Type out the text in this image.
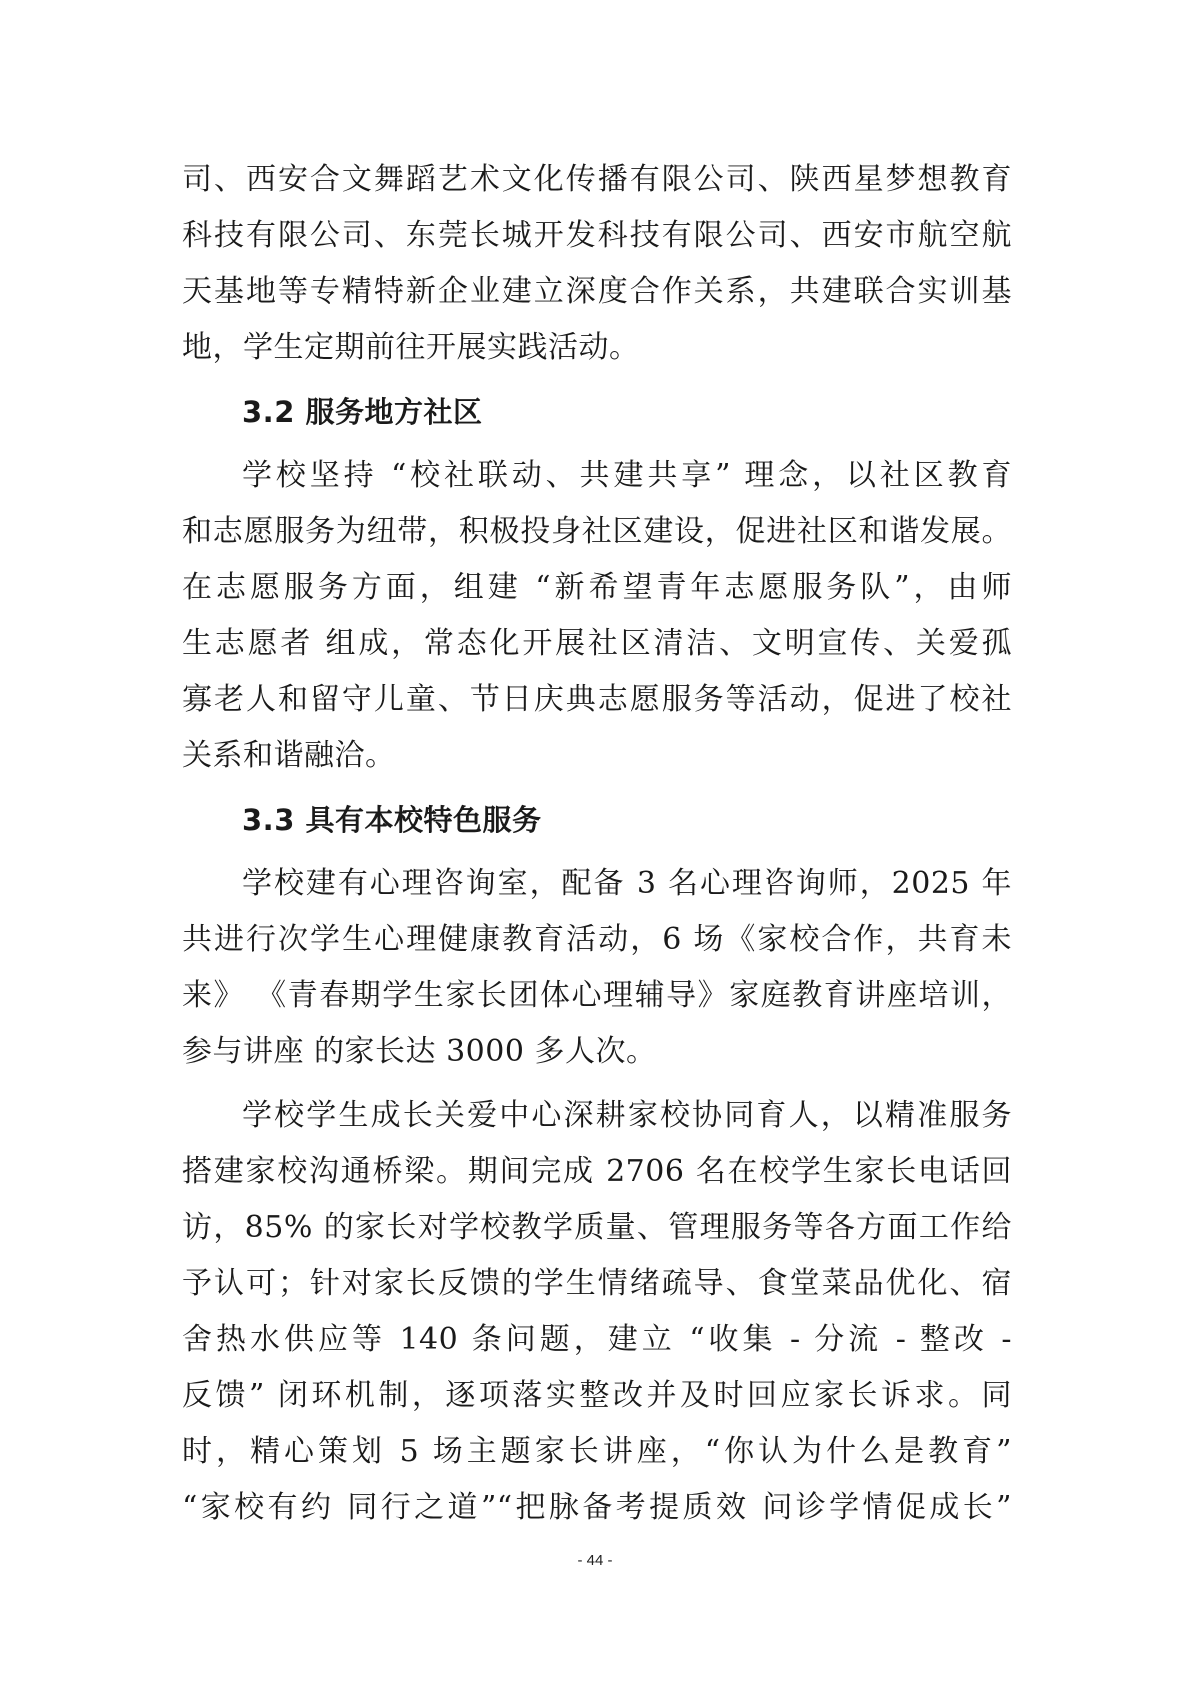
司、西安合文舞蹈艺术文化传播有限公司、陕西星梦想教育
科技有限公司、东莞长城开发科技有限公司、西安市航空航
天基地等专精特新企业建立深度合作关系，共建联合实训基
地，学生定期前往开展实践活动。
3.2 服务地方社区
学校坚持 “校社联动、共建共享” 理念，以社区教育
和志愿服务为纽带，积极投身社区建设，促进社区和谐发展。
在志愿服务方面，组建 “新希望青年志愿服务队”，由师
生志愿者 组成，常态化开展社区清洁、文明宣传、关爱孤
寡老人和留守儿童、节日庆典志愿服务等活动，促进了校社
关系和谐融洽。
3.3 具有本校特色服务
学校建有心理咨询室，配备 3 名心理咨询师，2025 年
共进行次学生心理健康教育活动，6 场《家校合作，共育未
来》 《青春期学生家长团体心理辅导》家庭教育讲座培训，
参与讲座 的家长达 3000 多人次。
学校学生成长关爱中心深耕家校协同育人，以精准服务
搭建家校沟通桥梁。期间完成 2706 名在校学生家长电话回
访，85% 的家长对学校教学质量、管理服务等各方面工作给
予认可；针对家长反馈的学生情绪疏导、食堂菜品优化、宿
舍热水供应等 140 条问题，建立 “收集 - 分流 - 整改 -
反馈” 闭环机制，逐项落实整改并及时回应家长诉求。同
时，精心策划 5 场主题家长讲座，“你认为什么是教育”
“家校有约 同行之道”“把脉备考提质效 问诊学情促成长”
- 44 -
